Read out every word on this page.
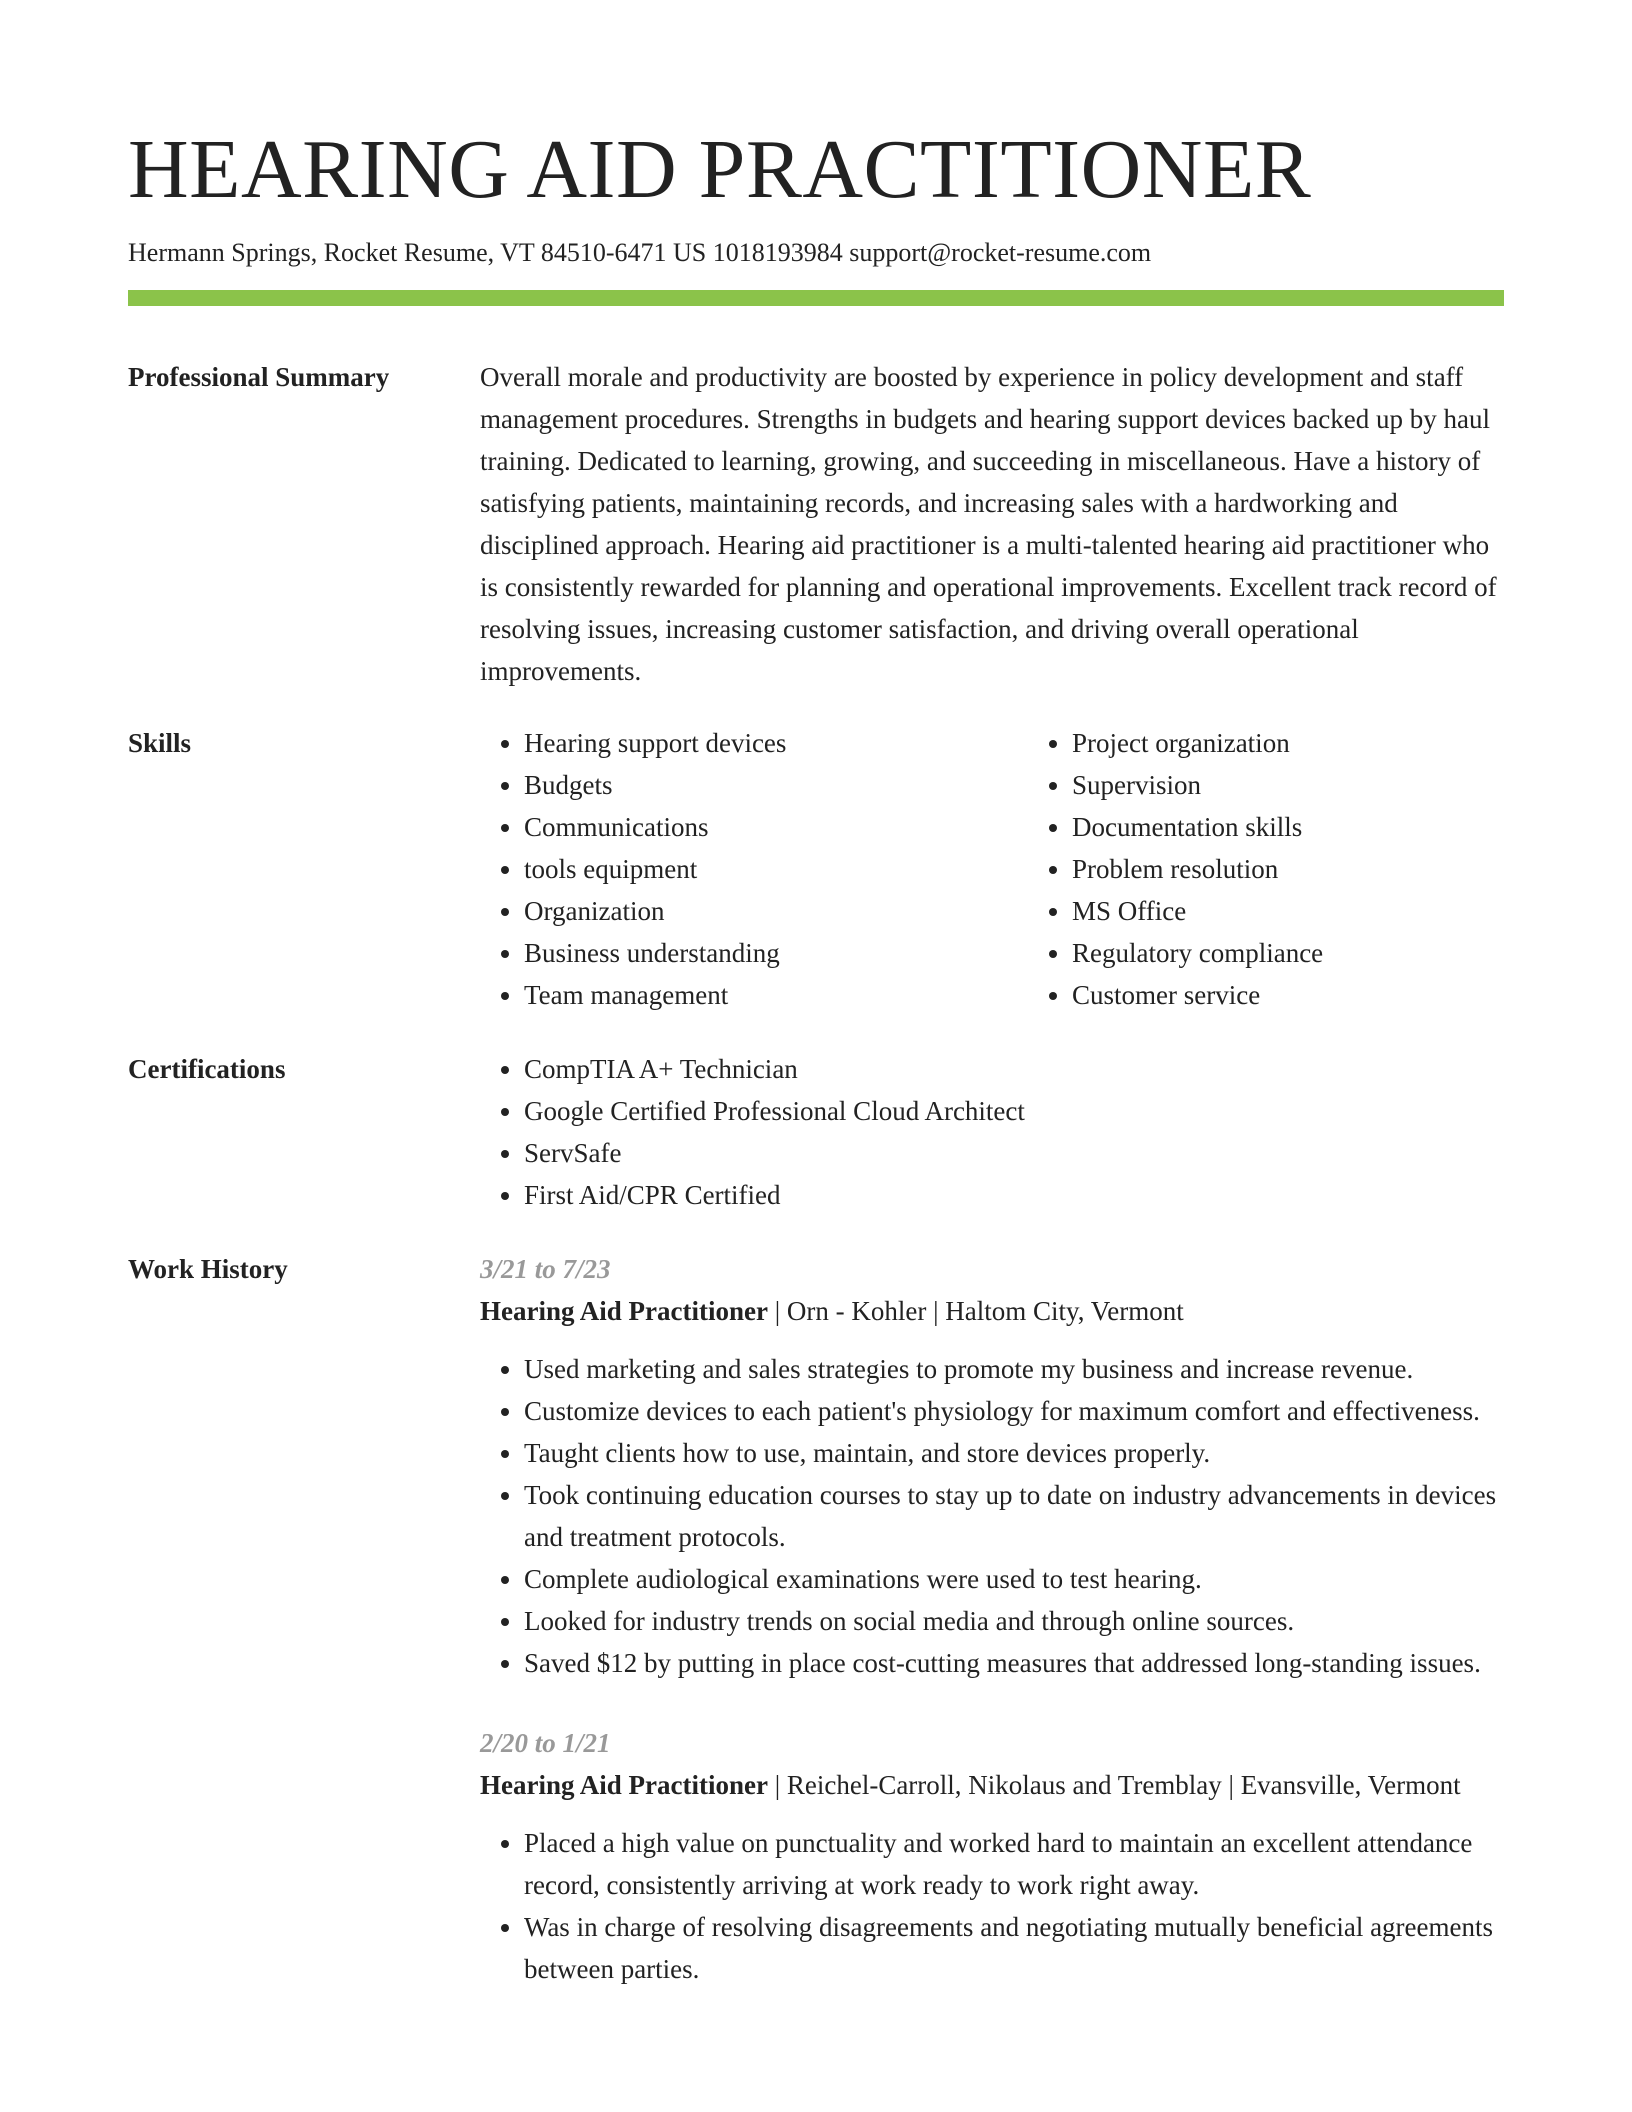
HEARING AID PRACTITIONER
Hermann Springs, Rocket Resume, VT 84510-6471 US 1018193984 support@rocket-resume.com
Professional Summary	Overall morale and productivity are boosted by experience in policy development and staff management procedures. Strengths in budgets and hearing support devices backed up by haul training. Dedicated to learning, growing, and succeeding in miscellaneous. Have a history of satisfying patients, maintaining records, and increasing sales with a hardworking and disciplined approach. Hearing aid practitioner is a multi-talented hearing aid practitioner who is consistently rewarded for planning and operational improvements. Excellent track record of resolving issues, increasing customer satisfaction, and driving overall operational improvements.

Skills	• Hearing support devices
• Budgets
• Communications
• tools equipment
• Organization
• Business understanding
• Team management
• Project organization
• Supervision
• Documentation skills
• Problem resolution
• MS Office
• Regulatory compliance
• Customer service
Certifications	• CompTIA A+ Technician
• Google Certified Professional Cloud Architect
• ServSafe
• First Aid/CPR Certified
Work History	3/21 to 7/23
Hearing Aid Practitioner | Orn - Kohler | Haltom City, Vermont
• Used marketing and sales strategies to promote my business and increase revenue.
• Customize devices to each patient's physiology for maximum comfort and effectiveness.
• Taught clients how to use, maintain, and store devices properly.
• Took continuing education courses to stay up to date on industry advancements in devices and treatment protocols.
• Complete audiological examinations were used to test hearing.
• Looked for industry trends on social media and through online sources.
• Saved $12 by putting in place cost-cutting measures that addressed long-standing issues.
2/20 to 1/21
Hearing Aid Practitioner | Reichel-Carroll, Nikolaus and Tremblay | Evansville, Vermont
• Placed a high value on punctuality and worked hard to maintain an excellent attendance record, consistently arriving at work ready to work right away.
• Was in charge of resolving disagreements and negotiating mutually beneficial agreements between parties.
